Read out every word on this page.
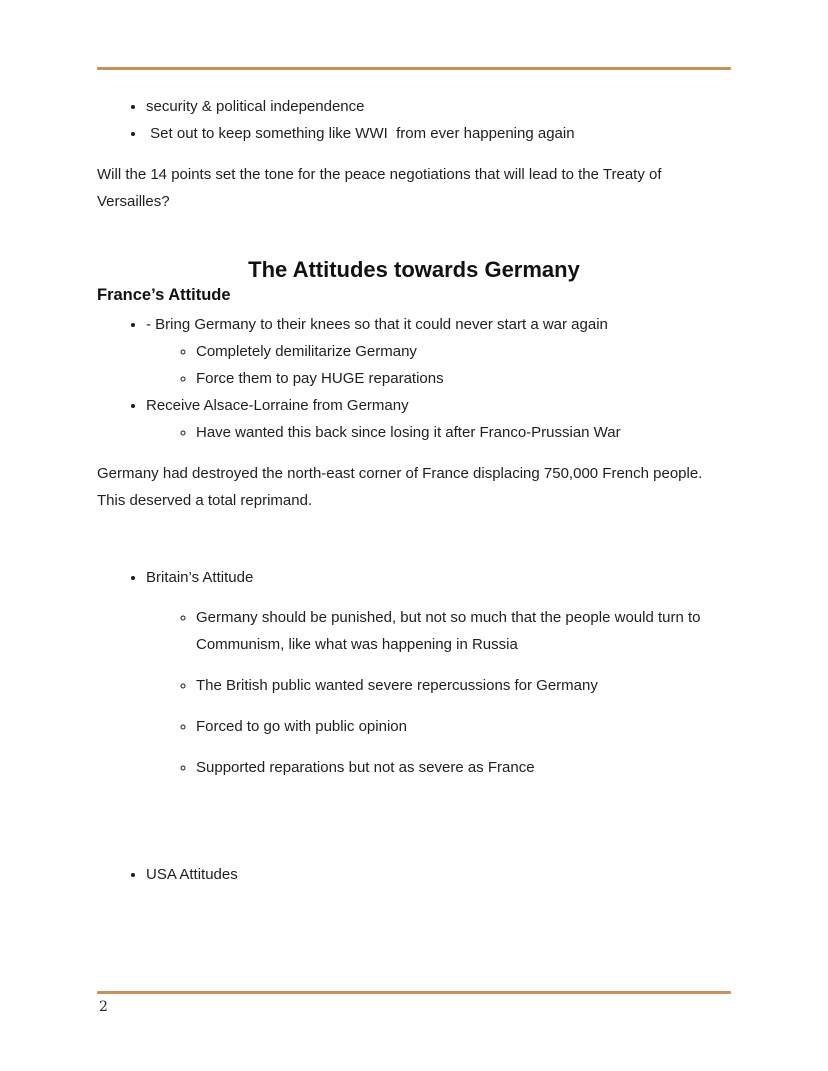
• security & political independence
•  Set out to keep something like WWI  from ever happening again

Will the 14 points set the tone for the peace negotiations that will lead to the Treaty of Versailles?

The Attitudes towards Germany
France’s Attitude
• - Bring Germany to their knees so that it could never start a war again
◦ Completely demilitarize Germany
◦ Force them to pay HUGE reparations
• Receive Alsace-Lorraine from Germany
◦ Have wanted this back since losing it after Franco-Prussian War

Germany had destroyed the north-east corner of France displacing 750,000 French people. This deserved a total reprimand.

• Britain’s Attitude
◦ Germany should be punished, but not so much that the people would turn to Communism, like what was happening in Russia
◦ The British public wanted severe repercussions for Germany
◦ Forced to go with public opinion
◦ Supported reparations but not as severe as France
• USA Attitudes
2
